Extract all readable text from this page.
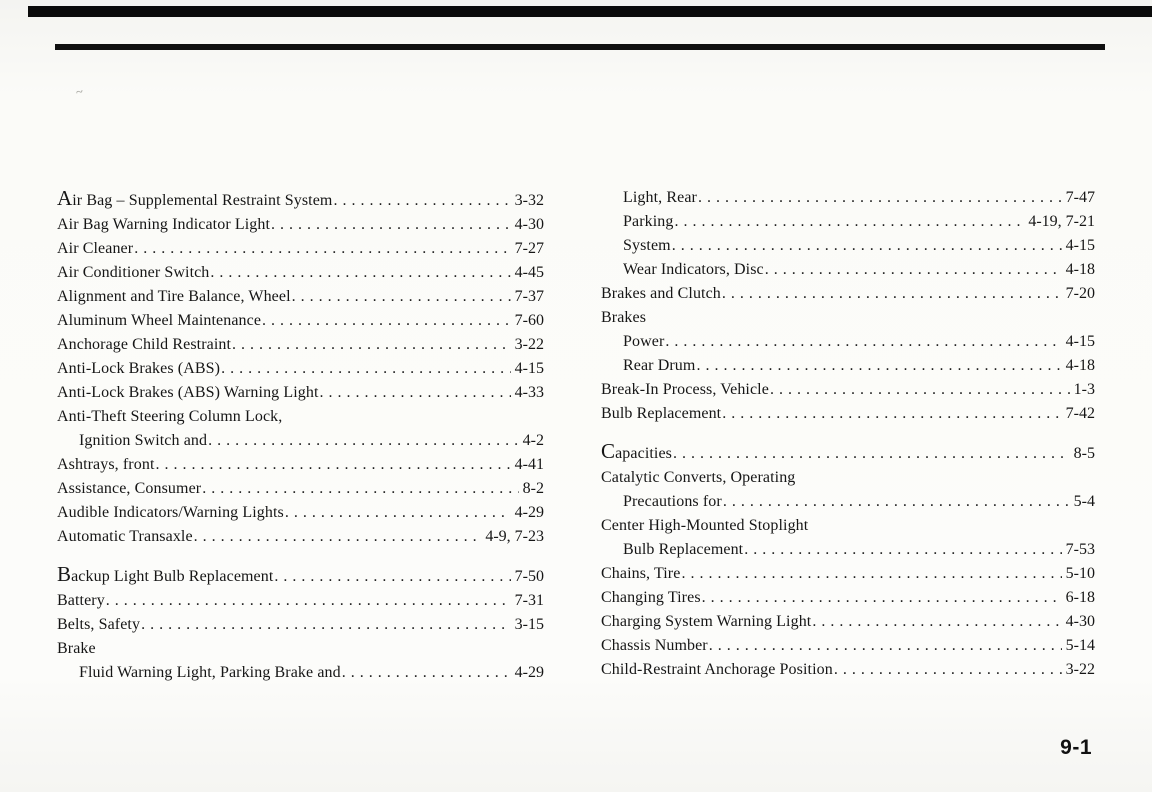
~
Air Bag – Supplemental Restraint System . . .	3-32
Air Bag Warning Indicator Light . . .	4-30
Air Cleaner . . .	7-27
Air Conditioner Switch . . .	4-45
Alignment and Tire Balance, Wheel . . .	7-37
Aluminum Wheel Maintenance . . .	7-60
Anchorage Child Restraint . . .	3-22
Anti-Lock Brakes (ABS) . . .	4-15
Anti-Lock Brakes (ABS) Warning Light . . .	4-33
Anti-Theft Steering Column Lock,
Ignition Switch and . . .	4-2
Ashtrays, front . . .	4-41
Assistance, Consumer . . .	8-2
Audible Indicators/Warning Lights . . .	4-29
Automatic Transaxle . . .	4-9, 7-23
Backup Light Bulb Replacement . . .	7-50
Battery . . .	7-31
Belts, Safety . . .	3-15
Brake
Fluid Warning Light, Parking Brake and . . .	4-29
Light, Rear . . .	7-47
Parking . . .	4-19, 7-21
System . . .	4-15
Wear Indicators, Disc . . .	4-18
Brakes and Clutch . . .	7-20
Brakes
Power . . .	4-15
Rear Drum . . .	4-18
Break-In Process, Vehicle . . .	1-3
Bulb Replacement . . .	7-42
Capacities . . .	8-5
Catalytic Converts, Operating
Precautions for . . .	5-4
Center High-Mounted Stoplight
Bulb Replacement . . .	7-53
Chains, Tire . . .	5-10
Changing Tires . . .	6-18
Charging System Warning Light . . .	4-30
Chassis Number . . .	5-14
Child-Restraint Anchorage Position . . .	3-22
9-1
